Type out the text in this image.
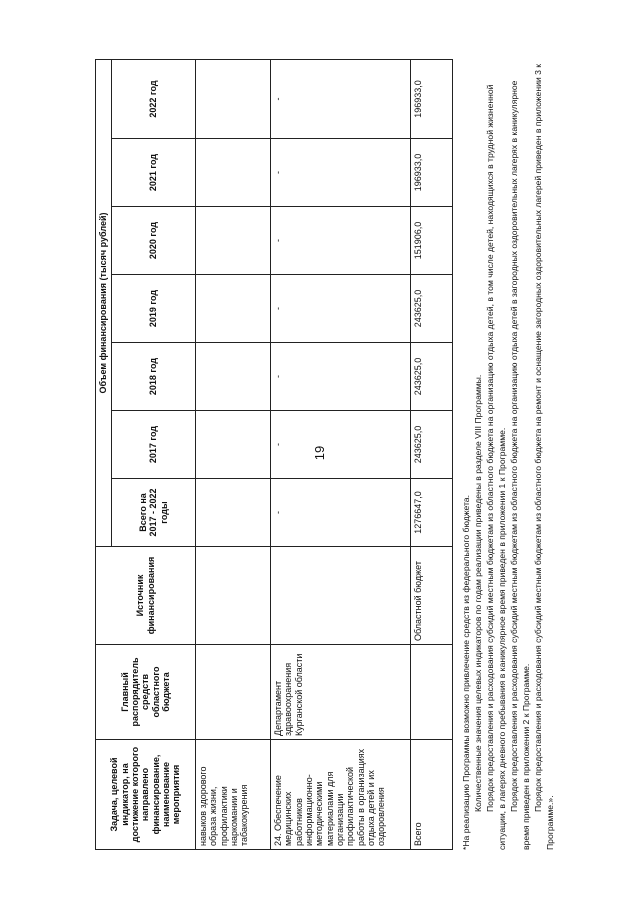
19
Задача, целевой индикатор, на достижение которого направлено финансирование, наименование мероприятия	Главный распорядитель средств областного бюджета	Источник финансирования	Объем финансирования (тысяч рублей)						
			Всего на 2017 - 2022 годы	2017 год	2018 год	2019 год	2020 год	2021 год	2022 год
навыков здорового образа жизни, профилактики наркомании и табакокурения									
24. Обеспечение медицинских работников информационно-методическими материалами для организации профилактической работы в организациях отдыха детей и их оздоровления	Департамент здравоохранения Курганской области		-	-	-	-	-	-	-
Всего		Областной бюджет	1276647,0	243625,0	243625,0	243625,0	151906,0	196933,0	196933,0

*На реализацию Программы возможно привлечение средств из федерального бюджета. Количественные значения целевых индикаторов по годам реализации приведены в разделе VIII Программы. Порядок предоставления и расходования субсидий местным бюджетам из областного бюджета на организацию отдыха детей, в том числе детей, находящихся в трудной жизненной ситуации, в лагерях дневного пребывания в каникулярное время приведен в приложении 1 к Программе. Порядок предоставления и расходования субсидий местным бюджетам из областного бюджета на организацию отдыха детей в загородных оздоровительных лагерях в каникулярное время приведен в приложении 2 к Программе. Порядок предоставления и расходования субсидий местным бюджетам из областного бюджета на ремонт и оснащение загородных оздоровительных лагерей приведен в приложении 3 к Программе.».
